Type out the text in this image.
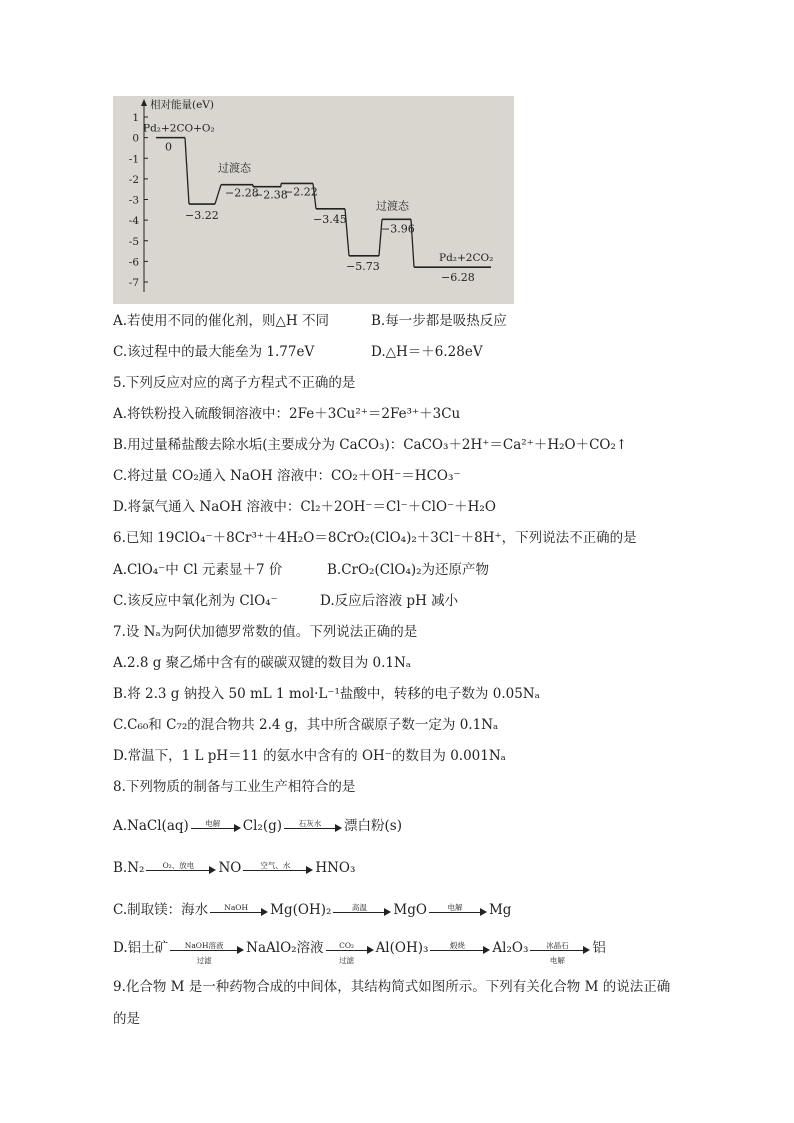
相对能量(eV)
1
0
-1
-2
-3
-4
-5
-6
-7
0
−3.22
−2.28
−2.38
−2.22
−3.45
−5.73
−3.96
−6.28
Pd₂+2CO+O₂
Pd₂+2CO₂
过渡态
过渡态
A.若使用不同的催化剂，则△H 不同	B.每一步都是吸热反应
C.该过程中的最大能垒为 1.77eV	D.△H＝＋6.28eV
5.下列反应对应的离子方程式不正确的是
A.将铁粉投入硫酸铜溶液中：2Fe＋3Cu²⁺＝2Fe³⁺＋3Cu
B.用过量稀盐酸去除水垢(主要成分为 CaCO₃)：CaCO₃＋2H⁺＝Ca²⁺＋H₂O＋CO₂↑
C.将过量 CO₂通入 NaOH 溶液中：CO₂＋OH⁻＝HCO₃⁻
D.将氯气通入 NaOH 溶液中：Cl₂＋2OH⁻＝Cl⁻＋ClO⁻＋H₂O
6.已知 19ClO₄⁻＋8Cr³⁺＋4H₂O＝8CrO₂(ClO₄)₂＋3Cl⁻＋8H⁺，下列说法不正确的是
A.ClO₄⁻中 Cl 元素显＋7 价	B.CrO₂(ClO₄)₂为还原产物
C.该反应中氧化剂为 ClO₄⁻	D.反应后溶液 pH 减小
7.设 Nₐ为阿伏加德罗常数的值。下列说法正确的是
A.2.8 g 聚乙烯中含有的碳碳双键的数目为 0.1Nₐ
B.将 2.3 g 钠投入 50 mL 1 mol·L⁻¹盐酸中，转移的电子数为 0.05Nₐ
C.C₆₀和 C₇₂的混合物共 2.4 g，其中所含碳原子数一定为 0.1Nₐ
D.常温下，1 L pH＝11 的氨水中含有的 OH⁻的数目为 0.001Nₐ
8.下列物质的制备与工业生产相符合的是
A.NaCl(aq)	电解	Cl₂(g)	石灰水	漂白粉(s)
B.N₂	O₂、放电	NO	空气、水	HNO₃
C.制取镁：海水	NaOH	Mg(OH)₂	高温	MgO	电解	Mg
D.铝土矿	NaOH溶液
过滤
NaAlO₂溶液	CO₂
过滤
Al(OH)₃	煅烧	Al₂O₃	冰晶石
电解
铝
9.化合物 M 是一种药物合成的中间体，其结构简式如图所示。下列有关化合物 M 的说法正确
的是
